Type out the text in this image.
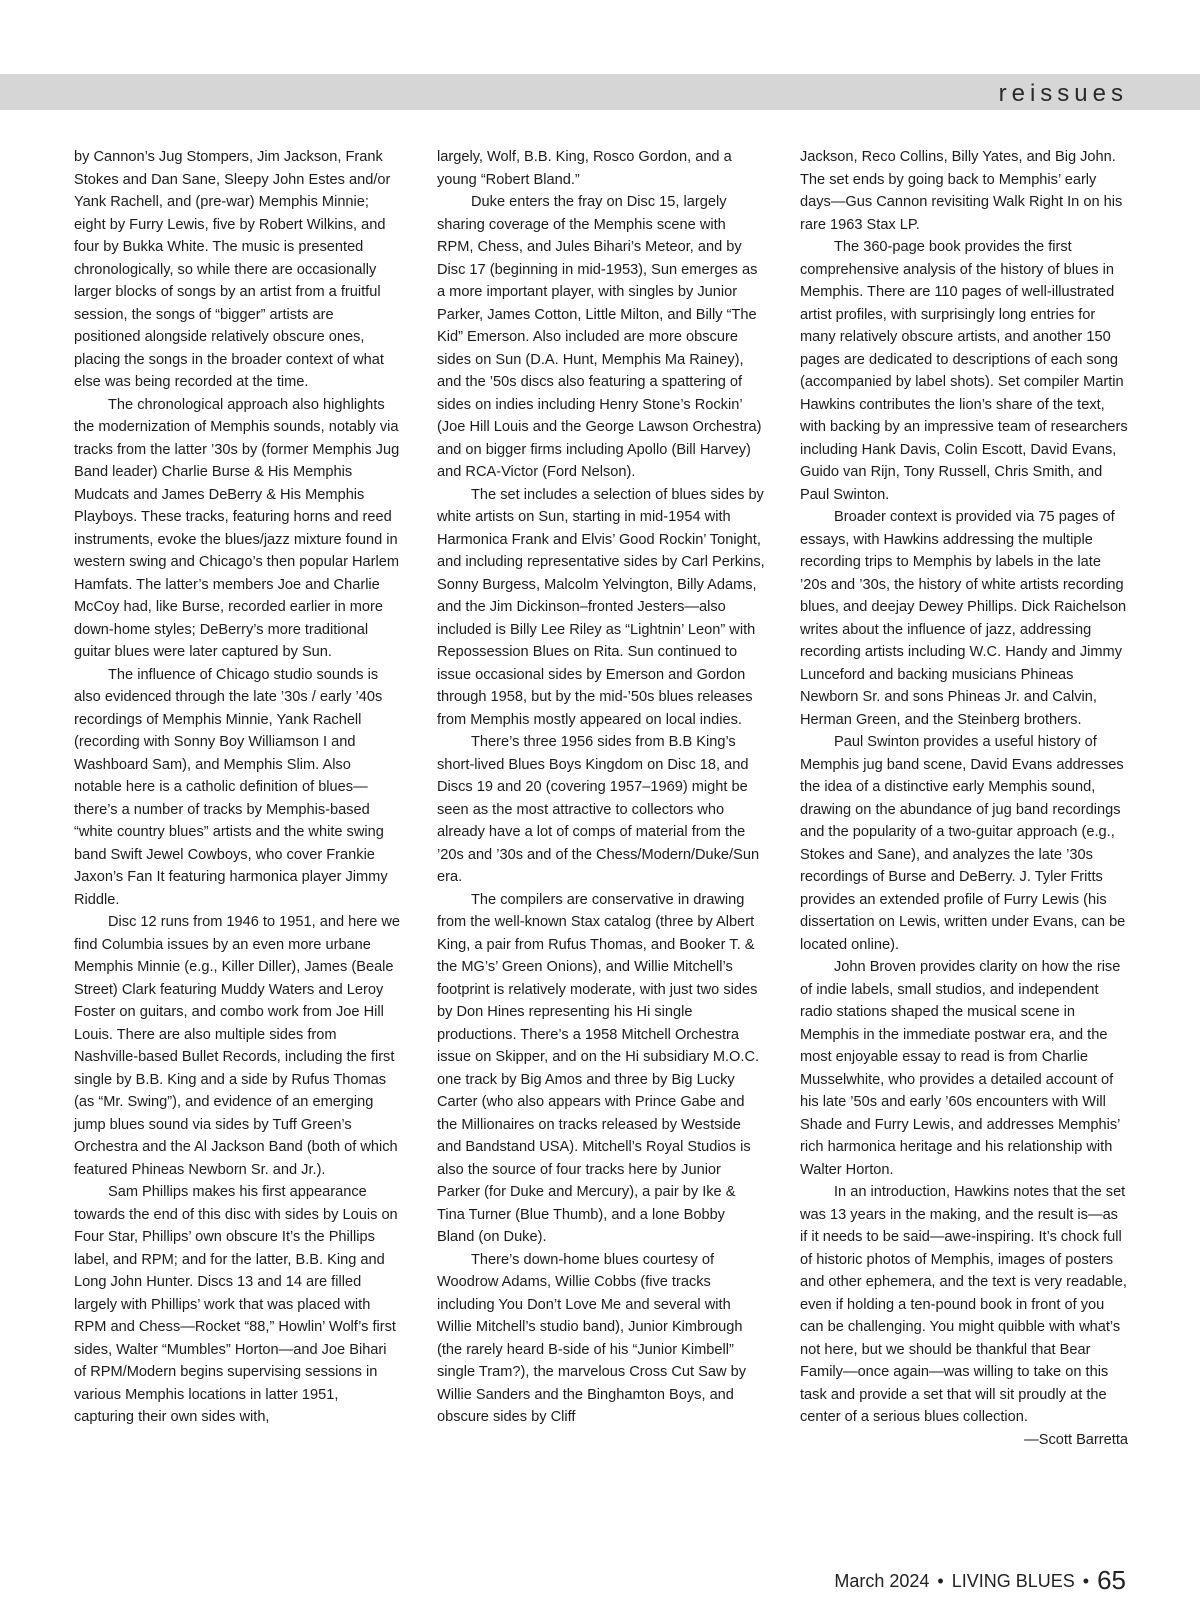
reissues

by Cannon’s Jug Stompers, Jim Jackson, Frank Stokes and Dan Sane, Sleepy John Estes and/or Yank Rachell, and (pre-war) Memphis Minnie; eight by Furry Lewis, five by Robert Wilkins, and four by Bukka White. The music is presented chronologically, so while there are occasionally larger blocks of songs by an artist from a fruitful session, the songs of “bigger” artists are positioned alongside relatively obscure ones, placing the songs in the broader context of what else was being recorded at the time.

The chronological approach also highlights the modernization of Memphis sounds, notably via tracks from the latter ’30s by (former Memphis Jug Band leader) Charlie Burse & His Memphis Mudcats and James DeBerry & His Memphis Playboys. These tracks, featuring horns and reed instruments, evoke the blues/jazz mixture found in western swing and Chicago’s then popular Harlem Hamfats. The latter’s members Joe and Charlie McCoy had, like Burse, recorded earlier in more down-home styles; DeBerry’s more traditional guitar blues were later captured by Sun.

The influence of Chicago studio sounds is also evidenced through the late ’30s / early ’40s recordings of Memphis Minnie, Yank Rachell (recording with Sonny Boy Williamson I and Washboard Sam), and Memphis Slim. Also notable here is a catholic definition of blues—there’s a number of tracks by Memphis-based “white country blues” artists and the white swing band Swift Jewel Cowboys, who cover Frankie Jaxon’s Fan It featuring harmonica player Jimmy Riddle.

Disc 12 runs from 1946 to 1951, and here we find Columbia issues by an even more urbane Memphis Minnie (e.g., Killer Diller), James (Beale Street) Clark featuring Muddy Waters and Leroy Foster on guitars, and combo work from Joe Hill Louis. There are also multiple sides from Nashville-based Bullet Records, including the first single by B.B. King and a side by Rufus Thomas (as “Mr. Swing”), and evidence of an emerging jump blues sound via sides by Tuff Green’s Orchestra and the Al Jackson Band (both of which featured Phineas Newborn Sr. and Jr.).

Sam Phillips makes his first appearance towards the end of this disc with sides by Louis on Four Star, Phillips’ own obscure It’s the Phillips label, and RPM; and for the latter, B.B. King and Long John Hunter. Discs 13 and 14 are filled largely with Phillips’ work that was placed with RPM and Chess—Rocket “88,” Howlin’ Wolf’s first sides, Walter “Mumbles” Horton—and Joe Bihari of RPM/Modern begins supervising sessions in various Memphis locations in latter 1951, capturing their own sides with,

largely, Wolf, B.B. King, Rosco Gordon, and a young “Robert Bland.”

Duke enters the fray on Disc 15, largely sharing coverage of the Memphis scene with RPM, Chess, and Jules Bihari’s Meteor, and by Disc 17 (beginning in mid-1953), Sun emerges as a more important player, with singles by Junior Parker, James Cotton, Little Milton, and Billy “The Kid” Emerson. Also included are more obscure sides on Sun (D.A. Hunt, Memphis Ma Rainey), and the ’50s discs also featuring a spattering of sides on indies including Henry Stone’s Rockin’ (Joe Hill Louis and the George Lawson Orchestra) and on bigger firms including Apollo (Bill Harvey) and RCA-Victor (Ford Nelson).

The set includes a selection of blues sides by white artists on Sun, starting in mid-1954 with Harmonica Frank and Elvis’ Good Rockin’ Tonight, and including representative sides by Carl Perkins, Sonny Burgess, Malcolm Yelvington, Billy Adams, and the Jim Dickinson–fronted Jesters—also included is Billy Lee Riley as “Lightnin’ Leon” with Repossession Blues on Rita. Sun continued to issue occasional sides by Emerson and Gordon through 1958, but by the mid-’50s blues releases from Memphis mostly appeared on local indies.

There’s three 1956 sides from B.B King’s short-lived Blues Boys Kingdom on Disc 18, and Discs 19 and 20 (covering 1957–1969) might be seen as the most attractive to collectors who already have a lot of comps of material from the ’20s and ’30s and of the Chess/Modern/Duke/Sun era.

The compilers are conservative in drawing from the well-known Stax catalog (three by Albert King, a pair from Rufus Thomas, and Booker T. & the MG’s’ Green Onions), and Willie Mitchell’s footprint is relatively moderate, with just two sides by Don Hines representing his Hi single productions. There’s a 1958 Mitchell Orchestra issue on Skipper, and on the Hi subsidiary M.O.C. one track by Big Amos and three by Big Lucky Carter (who also appears with Prince Gabe and the Millionaires on tracks released by Westside and Bandstand USA). Mitchell’s Royal Studios is also the source of four tracks here by Junior Parker (for Duke and Mercury), a pair by Ike & Tina Turner (Blue Thumb), and a lone Bobby Bland (on Duke).

There’s down-home blues courtesy of Woodrow Adams, Willie Cobbs (five tracks including You Don’t Love Me and several with Willie Mitchell’s studio band), Junior Kimbrough (the rarely heard B-side of his “Junior Kimbell” single Tram?), the marvelous Cross Cut Saw by Willie Sanders and the Binghamton Boys, and obscure sides by Cliff

Jackson, Reco Collins, Billy Yates, and Big John. The set ends by going back to Memphis’ early days—Gus Cannon revisiting Walk Right In on his rare 1963 Stax LP.

The 360-page book provides the first comprehensive analysis of the history of blues in Memphis. There are 110 pages of well-illustrated artist profiles, with surprisingly long entries for many relatively obscure artists, and another 150 pages are dedicated to descriptions of each song (accompanied by label shots). Set compiler Martin Hawkins contributes the lion’s share of the text, with backing by an impressive team of researchers including Hank Davis, Colin Escott, David Evans, Guido van Rijn, Tony Russell, Chris Smith, and Paul Swinton.

Broader context is provided via 75 pages of essays, with Hawkins addressing the multiple recording trips to Memphis by labels in the late ’20s and ’30s, the history of white artists recording blues, and deejay Dewey Phillips. Dick Raichelson writes about the influence of jazz, addressing recording artists including W.C. Handy and Jimmy Lunceford and backing musicians Phineas Newborn Sr. and sons Phineas Jr. and Calvin, Herman Green, and the Steinberg brothers.

Paul Swinton provides a useful history of Memphis jug band scene, David Evans addresses the idea of a distinctive early Memphis sound, drawing on the abundance of jug band recordings and the popularity of a two-guitar approach (e.g., Stokes and Sane), and analyzes the late ’30s recordings of Burse and DeBerry. J. Tyler Fritts provides an extended profile of Furry Lewis (his dissertation on Lewis, written under Evans, can be located online).

John Broven provides clarity on how the rise of indie labels, small studios, and independent radio stations shaped the musical scene in Memphis in the immediate postwar era, and the most enjoyable essay to read is from Charlie Musselwhite, who provides a detailed account of his late ’50s and early ’60s encounters with Will Shade and Furry Lewis, and addresses Memphis’ rich harmonica heritage and his relationship with Walter Horton.

In an introduction, Hawkins notes that the set was 13 years in the making, and the result is—as if it needs to be said—awe-inspiring. It’s chock full of historic photos of Memphis, images of posters and other ephemera, and the text is very readable, even if holding a ten-pound book in front of you can be challenging. You might quibble with what’s not here, but we should be thankful that Bear Family—once again—was willing to take on this task and provide a set that will sit proudly at the center of a serious blues collection.

—Scott Barretta

March 2024 • LIVING BLUES • 65
